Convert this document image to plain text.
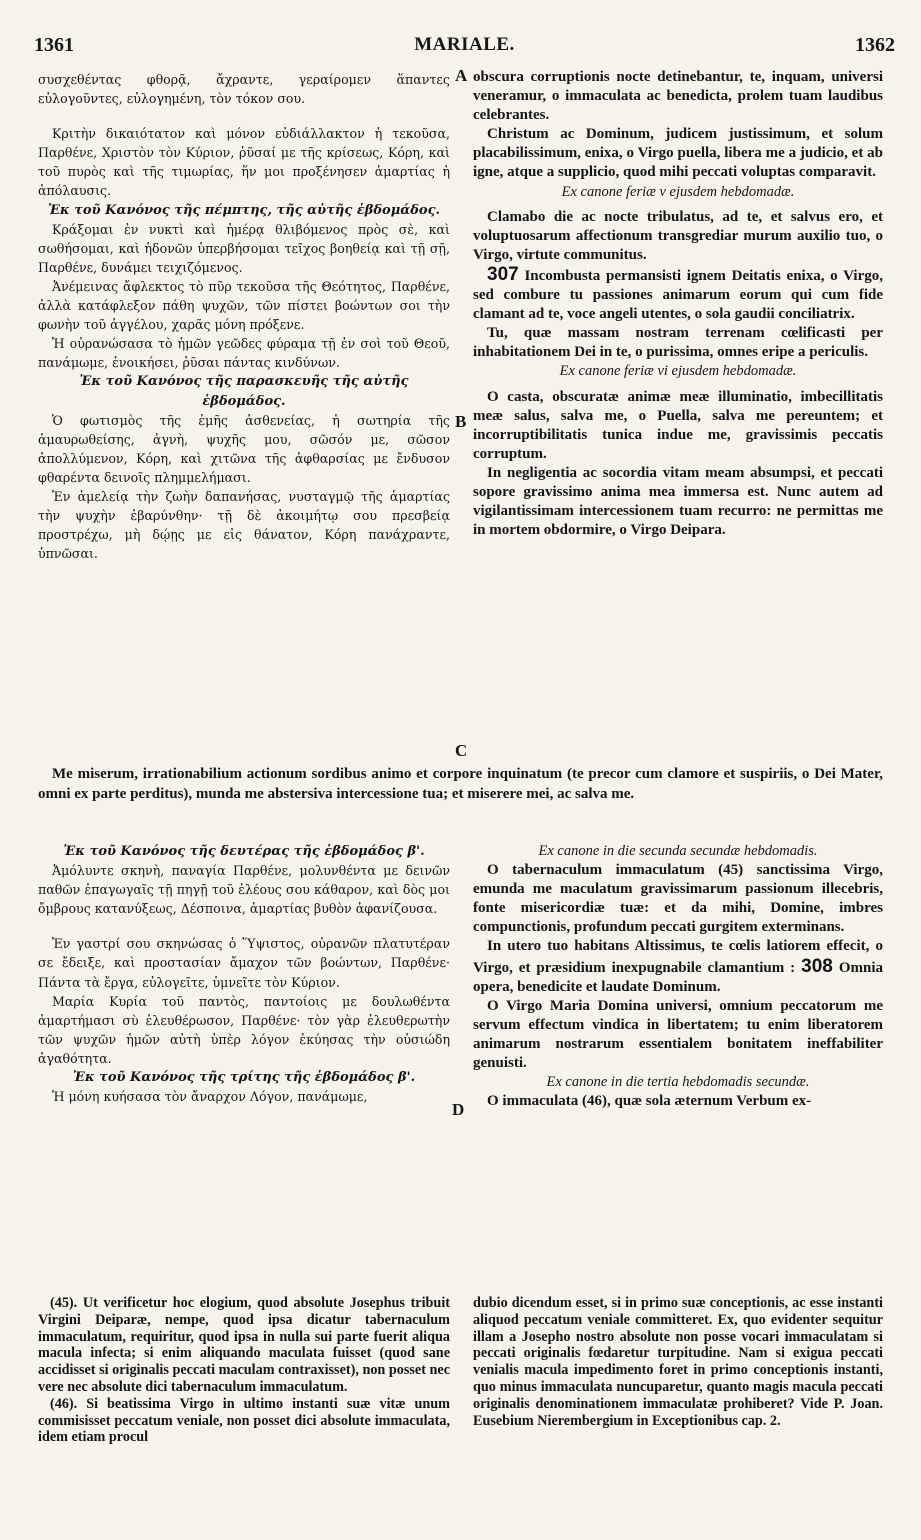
1361	MARIALE.	1362

συσχεθέντας φθορᾷ, ἄχραντε, γεραίρομεν ἅπαντες εὐλογοῦντες, εὐλογημένη, τὸν τόκον σου.

Κριτὴν δικαιότατον καὶ μόνον εὐδιάλλακτον ἡ τεκοῦσα, Παρθένε, Χριστὸν τὸν Κύριον, ῥῦσαί με τῆς κρίσεως, Κόρη, καὶ τοῦ πυρὸς καὶ τῆς τιμωρίας, ἥν μοι προξένησεν ἁμαρτίας ἡ ἀπόλαυσις.

Ἐκ τοῦ Κανόνος τῆς πέμπτης, τῆς αὐτῆς ἑβδομάδος.

Κράξομαι ἐν νυκτὶ καὶ ἡμέρᾳ θλιβόμενος πρὸς σὲ, καὶ σωθήσομαι, καὶ ἡδονῶν ὑπερβήσομαι τεῖχος βοηθείᾳ καὶ τῇ σῇ, Παρθένε, δυνάμει τειχιζόμενος.

Ἀνέμεινας ἄφλεκτος τὸ πῦρ τεκοῦσα τῆς Θεότητος, Παρθένε, ἀλλὰ κατάφλεξον πάθη ψυχῶν, τῶν πίστει βοώντων σοι τὴν φωνὴν τοῦ ἀγγέλου, χαρᾶς μόνη πρόξενε.

Ἡ οὐρανώσασα τὸ ἡμῶν γεῶδες φύραμα τῇ ἐν σοὶ τοῦ Θεοῦ, πανάμωμε, ἐνοικήσει, ῥῦσαι πάντας κινδύνων.

Ἐκ τοῦ Κανόνος τῆς παρασκευῆς τῆς αὐτῆς ἑβδομάδος.

Ὁ φωτισμὸς τῆς ἐμῆς ἀσθενείας, ἡ σωτηρία τῆς ἀμαυρωθείσης, ἁγνὴ, ψυχῆς μου, σῶσόν με, σῶσον ἀπολλύμενον, Κόρη, καὶ χιτῶνα τῆς ἀφθαρσίας με ἔνδυσον φθαρέντα δεινοῖς πλημμελήμασι.

Ἐν ἀμελείᾳ τὴν ζωὴν δαπανήσας, νυσταγμῷ τῆς ἁμαρτίας τὴν ψυχὴν ἐβαρύνθην· τῇ δὲ ἀκοιμήτῳ σου πρεσβείᾳ προστρέχω, μὴ δῴῃς με εἰς θάνατον, Κόρη πανάχραντε, ὑπνῶσαι.

obscura corruptionis nocte detinebantur, te, inquam, universi veneramur, o immaculata ac benedicta, prolem tuam laudibus celebrantes.

Christum ac Dominum, judicem justissimum, et solum placabilissimum, enixa, o Virgo puella, libera me a judicio, et ab igne, atque a supplicio, quod mihi peccati voluptas comparavit.

Ex canone feriæ v ejusdem hebdomadæ.

Clamabo die ac nocte tribulatus, ad te, et salvus ero, et voluptuosarum affectionum transgrediar murum auxilio tuo, o Virgo, virtute communitus.

307 Incombusta permansisti ignem Deitatis enixa, o Virgo, sed combure tu passiones animarum eorum qui cum fide clamant ad te, voce angeli utentes, o sola gaudii conciliatrix.

Tu, quæ massam nostram terrenam cœlificasti per inhabitationem Dei in te, o purissima, omnes eripe a periculis.

Ex canone feriæ vi ejusdem hebdomadæ.

O casta, obscuratæ animæ meæ illuminatio, imbecillitatis meæ salus, salva me, o Puella, salva me pereuntem; et incorruptibilitatis tunica indue me, gravissimis peccatis corruptum.

In negligentia ac socordia vitam meam absumpsi, et peccati sopore gravissimo anima mea immersa est. Nunc autem ad vigilantissimam intercessionem tuam recurro: ne permittas me in mortem obdormire, o Virgo Deipara.

A
B
C
D
Me miserum, irrationabilium actionum sordibus animo et corpore inquinatum (te precor cum clamore et suspiriis, o Dei Mater, omni ex parte perditus), munda me abstersiva intercessione tua; et miserere mei, ac salva me.

Ἐκ τοῦ Κανόνος τῆς δευτέρας τῆς ἑβδομάδος β'.

Ἀμόλυντε σκηνὴ, παναγία Παρθένε, μολυνθέντα με δεινῶν παθῶν ἐπαγωγαῖς τῇ πηγῇ τοῦ ἐλέους σου κάθαρον, καὶ δὸς μοι ὄμβρους κατανύξεως, Δέσποινα, ἁμαρτίας βυθὸν ἀφανίζουσα.

Ἐν γαστρί σου σκηνώσας ὁ Ὕψιστος, οὐρανῶν πλατυτέραν σε ἔδειξε, καὶ προστασίαν ἄμαχον τῶν βοώντων, Παρθένε· Πάντα τὰ ἔργα, εὐλογεῖτε, ὑμνεῖτε τὸν Κύριον.

Μαρία Κυρία τοῦ παντὸς, παντοίοις με δουλωθέντα ἁμαρτήμασι σὺ ἐλευθέρωσον, Παρθένε· τὸν γὰρ ἐλευθερωτὴν τῶν ψυχῶν ἡμῶν αὐτὴ ὑπὲρ λόγον ἐκύησας τὴν οὐσιώδη ἀγαθότητα.

Ἐκ τοῦ Κανόνος τῆς τρίτης τῆς ἑβδομάδος β'.

Ἡ μόνη κυήσασα τὸν ἄναρχον Λόγον, πανάμωμε,

Ex canone in die secunda secundæ hebdomadis.

O tabernaculum immaculatum (45) sanctissima Virgo, emunda me maculatum gravissimarum passionum illecebris, fonte misericordiæ tuæ: et da mihi, Domine, imbres compunctionis, profundum peccati gurgitem exterminans.

In utero tuo habitans Altissimus, te cœlis latiorem effecit, o Virgo, et præsidium inexpugnabile clamantium : 308 Omnia opera, benedicite et laudate Dominum.

O Virgo Maria Domina universi, omnium peccatorum me servum effectum vindica in libertatem; tu enim liberatorem animarum nostrarum essentialem bonitatem ineffabiliter genuisti.

Ex canone in die tertia hebdomadis secundæ.

O immaculata (46), quæ sola æternum Verbum ex-

(45). Ut verificetur hoc elogium, quod absolute Josephus tribuit Virgini Deiparæ, nempe, quod ipsa dicatur tabernaculum immaculatum, requiritur, quod ipsa in nulla sui parte fuerit aliqua macula infecta; si enim aliquando maculata fuisset (quod sane accidisset si originalis peccati maculam contraxisset), non posset nec vere nec absolute dici tabernaculum immaculatum.

(46). Si beatissima Virgo in ultimo instanti suæ vitæ unum commisisset peccatum veniale, non posset dici absolute immaculata, idem etiam procul

dubio dicendum esset, si in primo suæ conceptionis, ac esse instanti aliquod peccatum veniale committeret. Ex, quo evidenter sequitur illam a Josepho nostro absolute non posse vocari immaculatam si peccati originalis fœdaretur turpitudine. Nam si exigua peccati venialis macula impedimento foret in primo conceptionis instanti, quo minus immaculata nuncuparetur, quanto magis macula peccati originalis denominationem immaculatæ prohiberet? Vide P. Joan. Eusebium Nierembergium in Exceptionibus cap. 2.
